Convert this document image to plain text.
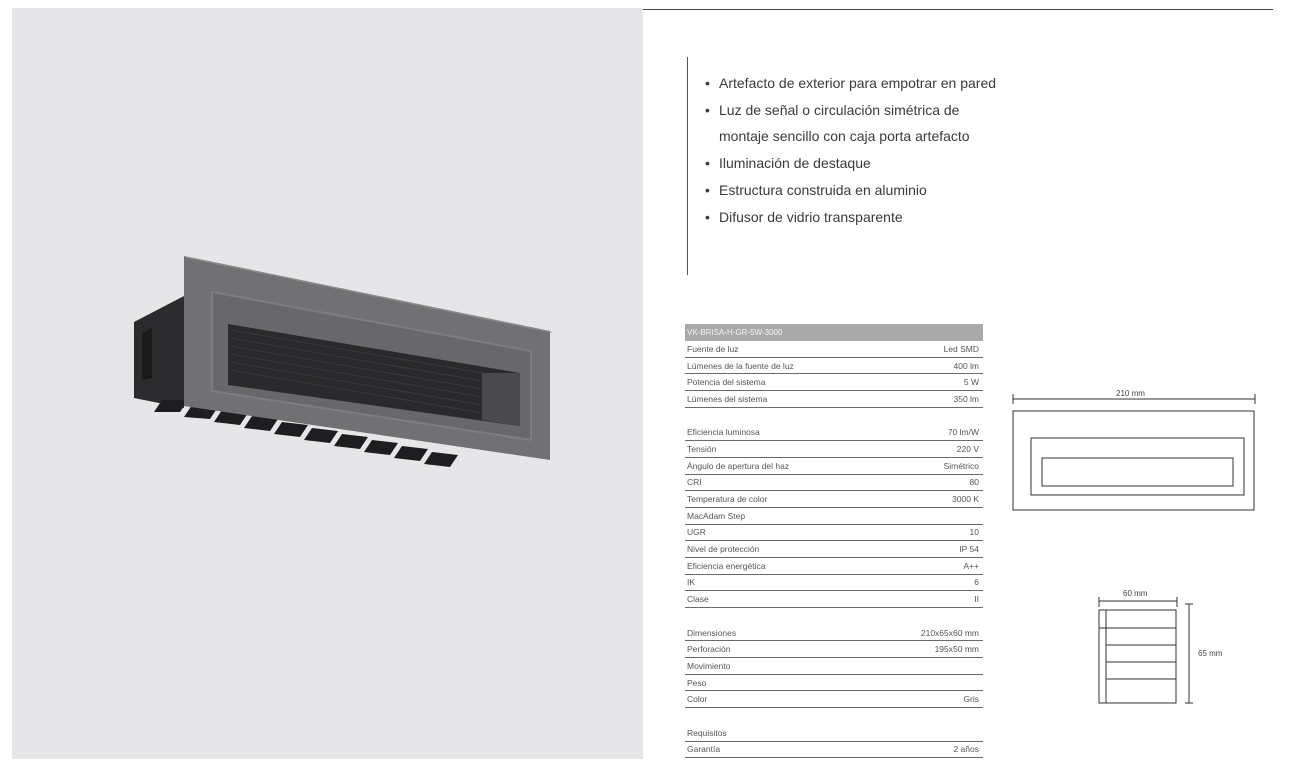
• Artefacto de exterior para empotrar en pared
• Luz de señal o circulación simétrica de montaje sencillo con caja porta artefacto
• Iluminación de destaque
• Estructura construida en aluminio
• Difusor de vidrio transparente
VK-BRISA-H-GR-5W-3000
Fuente de luz	Led SMD
Lúmenes de la fuente de luz	400 lm
Potencia del sistema	5 W
Lúmenes del sistema	350 lm
Eficiencia luminosa	70 lm/W
Tensión	220 V
Ángulo de apertura del haz	Simétrico
CRI	80
Temperatura de color	3000 K
MacAdam Step
UGR	10
Nivel de protección	IP 54
Eficiencia energética	A++
IK	6
Clase	II
Dimensiones	210x65x60 mm
Perforación	195x50 mm
Movimiento
Peso
Color	Gris
Requisitos
Garantía	2 años
210 mm
60 mm
65 mm
